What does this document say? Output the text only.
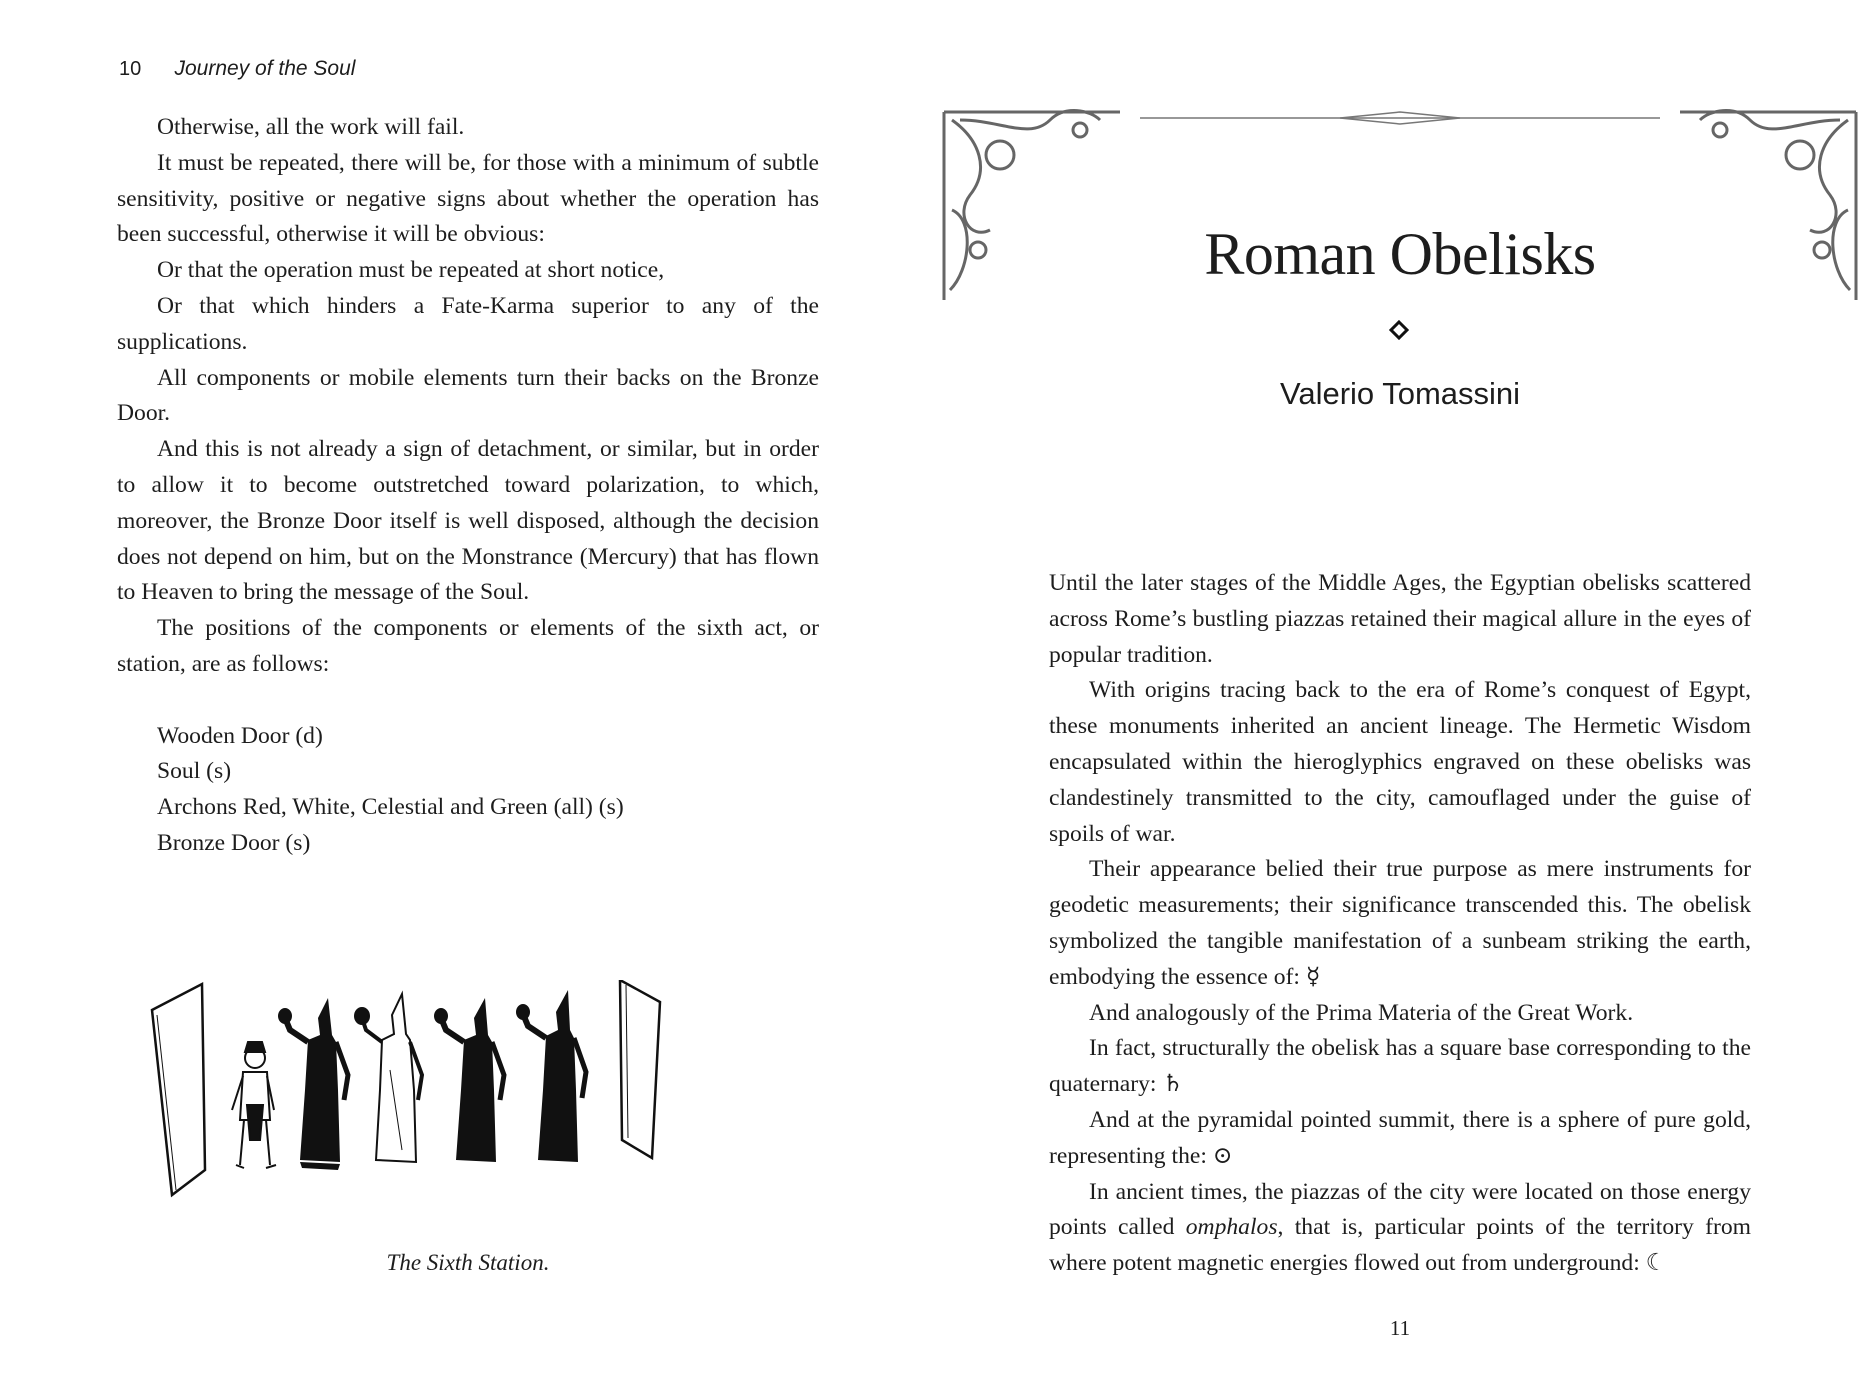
10 Journey of the Soul

Otherwise, all the work will fail.

It must be repeated, there will be, for those with a minimum of subtle sensitivity, positive or negative signs about whether the operation has been successful, otherwise it will be obvious:

Or that the operation must be repeated at short notice,

Or that which hinders a Fate-Karma superior to any of the supplications.

All components or mobile elements turn their backs on the Bronze Door.

And this is not already a sign of detachment, or similar, but in order to allow it to become outstretched toward polarization, to which, moreover, the Bronze Door itself is well disposed, although the decision does not depend on him, but on the Monstrance (Mercury) that has flown to Heaven to bring the message of the Soul.

The positions of the components or elements of the sixth act, or station, are as follows:

Wooden Door (d)
Soul (s)
Archons Red, White, Celestial and Green (all) (s)
Bronze Door (s)
The Sixth Station.
Roman Obelisks
Valerio Tomassini

Until the later stages of the Middle Ages, the Egyptian obelisks scattered across Rome’s bustling piazzas retained their magical allure in the eyes of popular tradition.

With origins tracing back to the era of Rome’s conquest of Egypt, these monuments inherited an ancient lineage. The Hermetic Wisdom encapsulated within the hieroglyphics engraved on these obelisks was clandestinely transmitted to the city, camouflaged under the guise of spoils of war.

Their appearance belied their true purpose as mere instruments for geodetic measurements; their significance transcended this. The obelisk symbolized the tangible manifestation of a sunbeam striking the earth, embodying the essence of: ☿

And analogously of the Prima Materia of the Great Work.

In fact, structurally the obelisk has a square base corresponding to the quaternary: ♄

And at the pyramidal pointed summit, there is a sphere of pure gold, representing the: ⊙

In ancient times, the piazzas of the city were located on those energy points called omphalos, that is, particular points of the territory from where potent magnetic energies flowed out from underground: ☾

11
